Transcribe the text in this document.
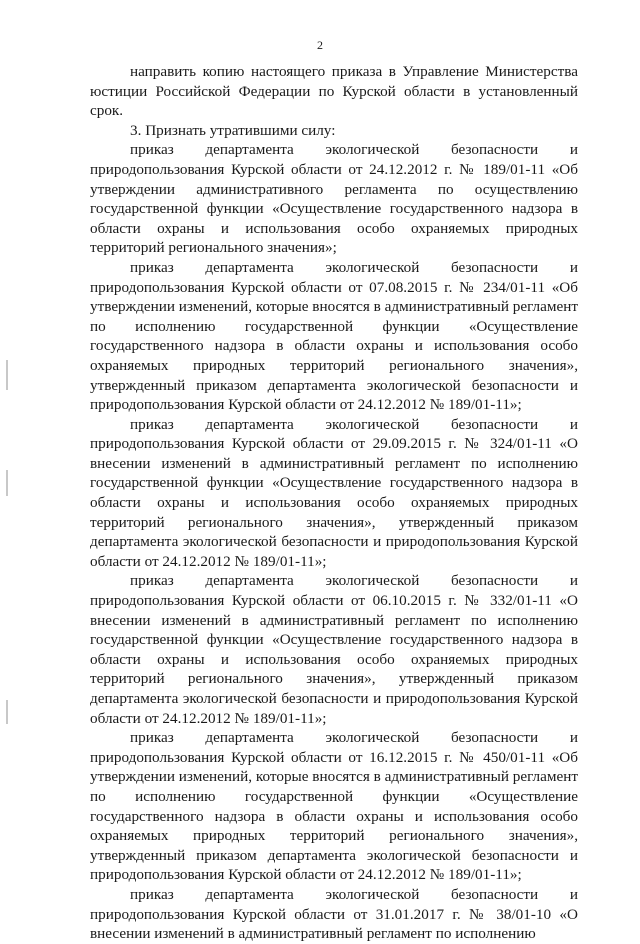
2

направить копию настоящего приказа в Управление Министерства юстиции Российской Федерации по Курской области в установленный срок.

3. Признать утратившими силу:

приказ департамента экологической безопасности и природопользования Курской области от 24.12.2012 г. № 189/01-11 «Об утверждении административного регламента по осуществлению государственной функции «Осуществление государственного надзора в области охраны и использования особо охраняемых природных территорий регионального значения»;

приказ департамента экологической безопасности и природопользования Курской области от 07.08.2015 г. № 234/01-11 «Об утверждении изменений, которые вносятся в административный регламент по исполнению государственной функции «Осуществление государственного надзора в области охраны и использования особо охраняемых природных территорий регионального значения», утвержденный приказом департамента экологической безопасности и природопользования Курской области от 24.12.2012 № 189/01-11»;

приказ департамента экологической безопасности и природопользования Курской области от 29.09.2015 г. № 324/01-11 «О внесении изменений в административный регламент по исполнению государственной функции «Осуществление государственного надзора в области охраны и использования особо охраняемых природных территорий регионального значения», утвержденный приказом департамента экологической безопасности и природопользования Курской области от 24.12.2012 № 189/01-11»;

приказ департамента экологической безопасности и природопользования Курской области от 06.10.2015 г. № 332/01-11 «О внесении изменений в административный регламент по исполнению государственной функции «Осуществление государственного надзора в области охраны и использования особо охраняемых природных территорий регионального значения», утвержденный приказом департамента экологической безопасности и природопользования Курской области от 24.12.2012 № 189/01-11»;

приказ департамента экологической безопасности и природопользования Курской области от 16.12.2015 г. № 450/01-11 «Об утверждении изменений, которые вносятся в административный регламент по исполнению государственной функции «Осуществление государственного надзора в области охраны и использования особо охраняемых природных территорий регионального значения», утвержденный приказом департамента экологической безопасности и природопользования Курской области от 24.12.2012 № 189/01-11»;

приказ департамента экологической безопасности и природопользования Курской области от 31.01.2017 г. № 38/01-10 «О внесении изменений в административный регламент по исполнению
